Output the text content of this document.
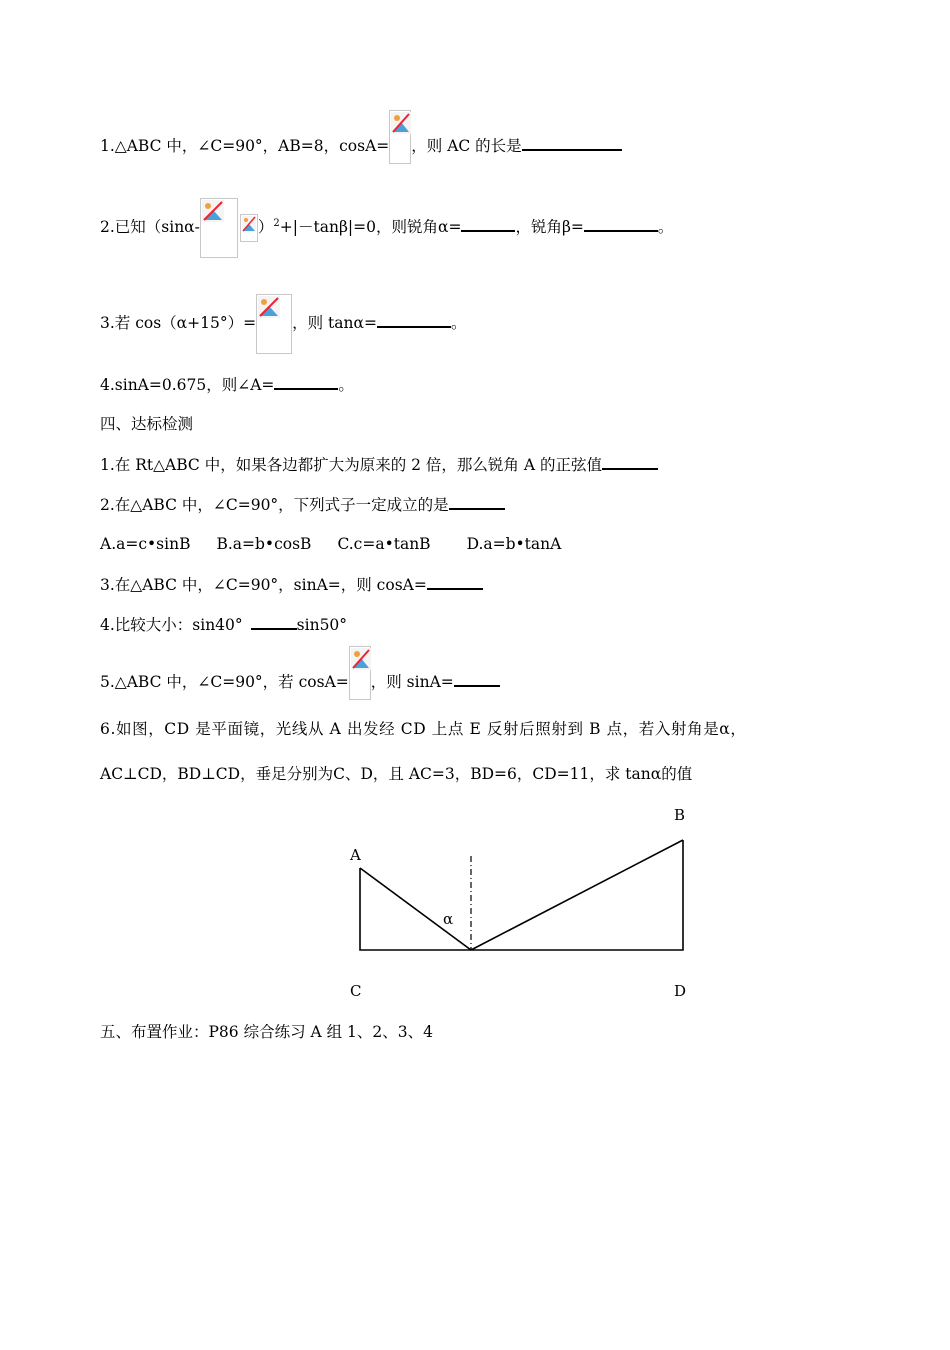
1.△ABC 中，∠C=90°，AB=8，cosA= ，则 AC 的长是
2.已知（sinα-	）$^2$+|－tanβ|=0，则锐角α=	，锐角β=	。
3.若 cos（α+15°）= ，则 tanα=	。
4.sinA=0.675，则∠A=	。
四、达标检测
1.在 Rt△ABC 中，如果各边都扩大为原来的 2 倍，那么锐角 A 的正弦值
2.在△ABC 中，∠C=90°，下列式子一定成立的是
A.a=c•sinB B.a=b•cosB C.c=a•tanB D.a=b•tanA
3.在△ABC 中，∠C=90°，sinA=，则 cosA=
4.比较大小：sin40°	sin50°
5.△ABC 中，∠C=90°，若 cosA= ，则 sinA=
6.如图，CD 是平面镜，光线从 A 出发经 CD 上点 E 反射后照射到 B 点，若入射角是α，
AC⊥CD，BD⊥CD，垂足分别为C、D，且 AC=3，BD=6，CD=11，求 tanα的值
A
B
C	D
α
五、布置作业：P86 综合练习 A 组 1、2、3、4
